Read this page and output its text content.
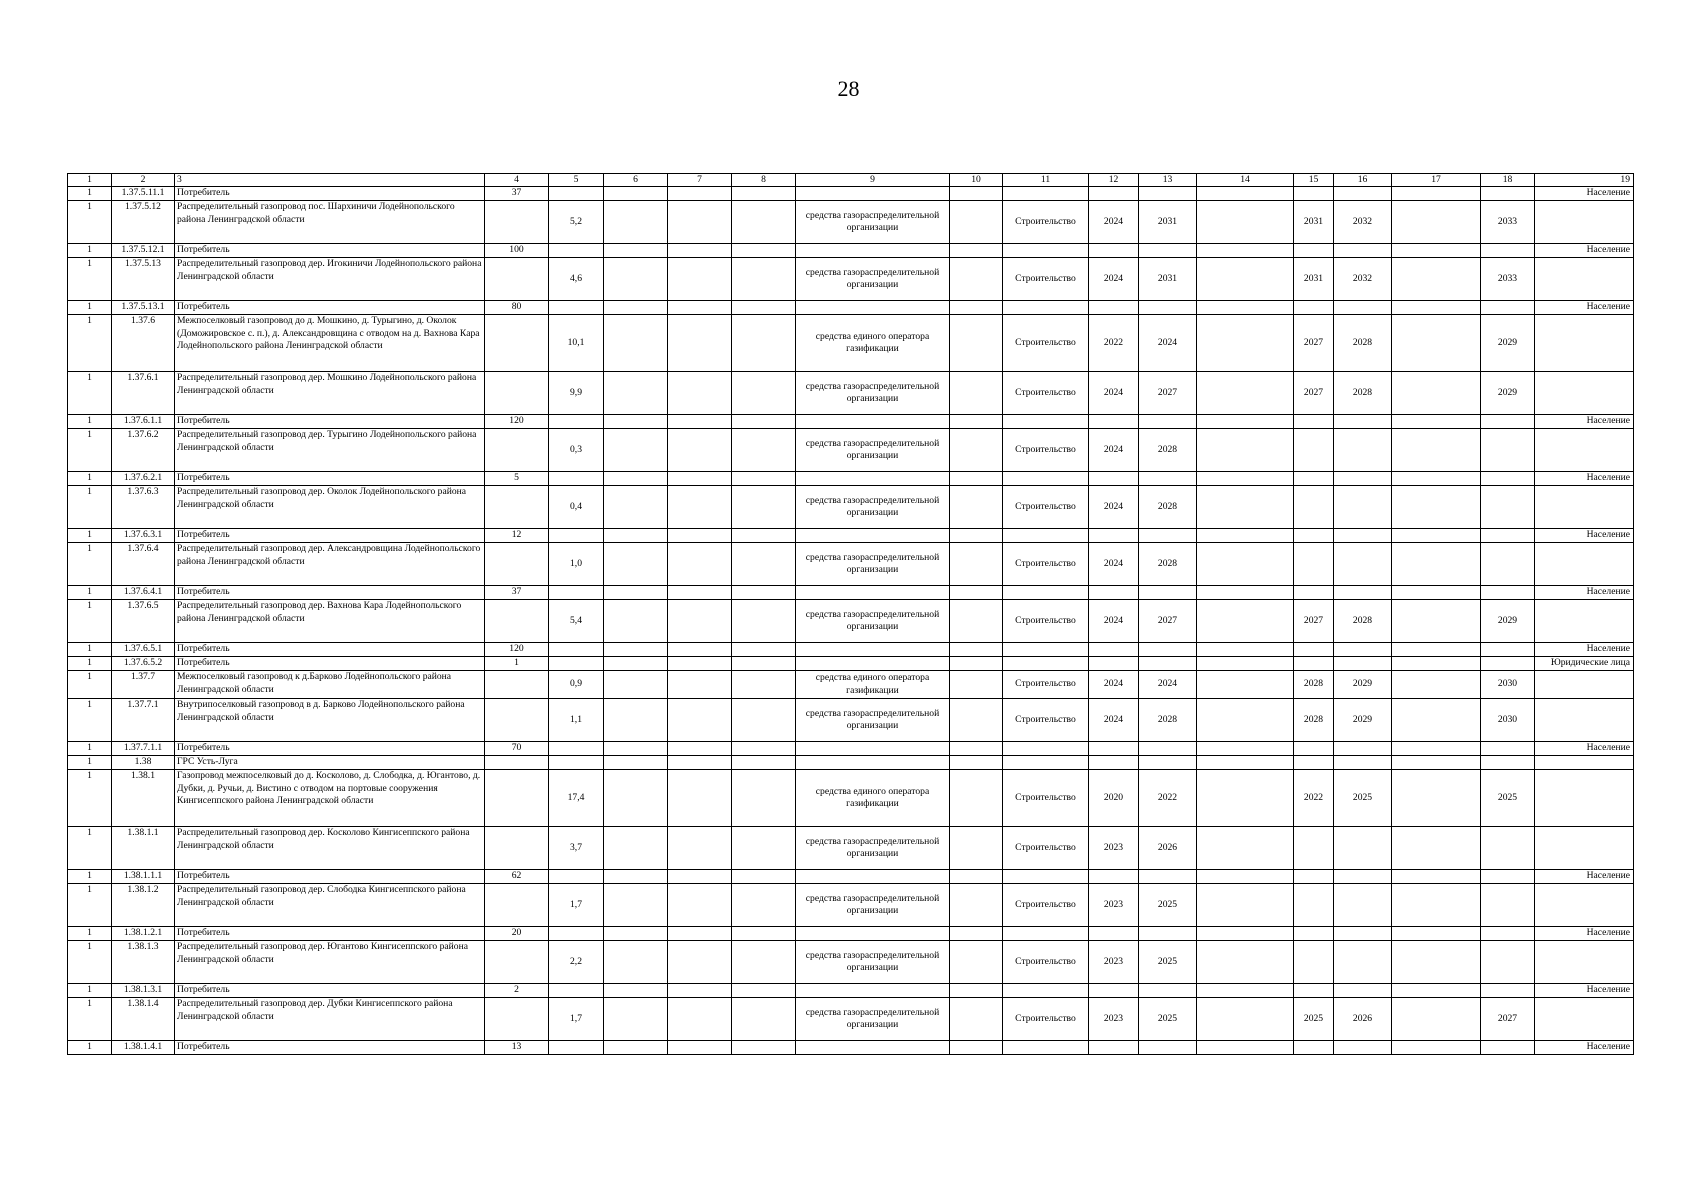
28
1	2	3	4	5	6	7	8	9	10	11	12	13	14	15	16	17	18	19
1	1.37.5.11.1	Потребитель	37															Население
1	1.37.5.12	Распределительный газопровод пос. Шархиничи Лодейнопольского района Ленинградской области		5,2				средства газораспределительной организации		Строительство	2024	2031		2031	2032		2033	
1	1.37.5.12.1	Потребитель	100															Население
1	1.37.5.13	Распределительный газопровод дер. Игокиничи Лодейнопольского района Ленинградской области		4,6				средства газораспределительной организации		Строительство	2024	2031		2031	2032		2033	
1	1.37.5.13.1	Потребитель	80															Население
1	1.37.6	Межпоселковый газопровод до д. Мошкино, д. Турыгино, д. Околок (Доможировское с. п.), д. Александровщина с отводом на д. Вахнова Кара Лодейнопольского района Ленинградской области		10,1				средства единого оператора газификации		Строительство	2022	2024		2027	2028		2029	
1	1.37.6.1	Распределительный газопровод дер. Мошкино Лодейнопольского района Ленинградской области		9,9				средства газораспределительной организации		Строительство	2024	2027		2027	2028		2029	
1	1.37.6.1.1	Потребитель	120															Население
1	1.37.6.2	Распределительный газопровод дер. Турыгино Лодейнопольского района Ленинградской области		0,3				средства газораспределительной организации		Строительство	2024	2028						
1	1.37.6.2.1	Потребитель	5															Население
1	1.37.6.3	Распределительный газопровод дер. Околок Лодейнопольского района Ленинградской области		0,4				средства газораспределительной организации		Строительство	2024	2028						
1	1.37.6.3.1	Потребитель	12															Население
1	1.37.6.4	Распределительный газопровод дер. Александровщина Лодейнопольского района Ленинградской области		1,0				средства газораспределительной организации		Строительство	2024	2028						
1	1.37.6.4.1	Потребитель	37															Население
1	1.37.6.5	Распределительный газопровод дер. Вахнова Кара Лодейнопольского района Ленинградской области		5,4				средства газораспределительной организации		Строительство	2024	2027		2027	2028		2029	
1	1.37.6.5.1	Потребитель	120															Население
1	1.37.6.5.2	Потребитель	1															Юридические лица
1	1.37.7	Межпоселковый газопровод к д.Барково Лодейнопольского района Ленинградской области		0,9				средства единого оператора газификации		Строительство	2024	2024		2028	2029		2030	
1	1.37.7.1	Внутрипоселковый газопровод в д. Барково Лодейнопольского района Ленинградской области		1,1				средства газораспределительной организации		Строительство	2024	2028		2028	2029		2030	
1	1.37.7.1.1	Потребитель	70															Население
1	1.38	ГРС Усть-Луга																
1	1.38.1	Газопровод межпоселковый до д. Косколово, д. Слободка, д. Югантово, д. Дубки, д. Ручьи, д. Вистино с отводом на портовые сооружения Кингисеппского района Ленинградской области		17,4				средства единого оператора газификации		Строительство	2020	2022		2022	2025		2025	
1	1.38.1.1	Распределительный газопровод дер. Косколово Кингисеппского района Ленинградской области		3,7				средства газораспределительной организации		Строительство	2023	2026						
1	1.38.1.1.1	Потребитель	62															Население
1	1.38.1.2	Распределительный газопровод дер. Слободка Кингисеппского района Ленинградской области		1,7				средства газораспределительной организации		Строительство	2023	2025						
1	1.38.1.2.1	Потребитель	20															Население
1	1.38.1.3	Распределительный газопровод дер. Югантово Кингисеппского района Ленинградской области		2,2				средства газораспределительной организации		Строительство	2023	2025						
1	1.38.1.3.1	Потребитель	2															Население
1	1.38.1.4	Распределительный газопровод дер. Дубки Кингисеппского района Ленинградской области		1,7				средства газораспределительной организации		Строительство	2023	2025		2025	2026		2027	
1	1.38.1.4.1	Потребитель	13															Население
